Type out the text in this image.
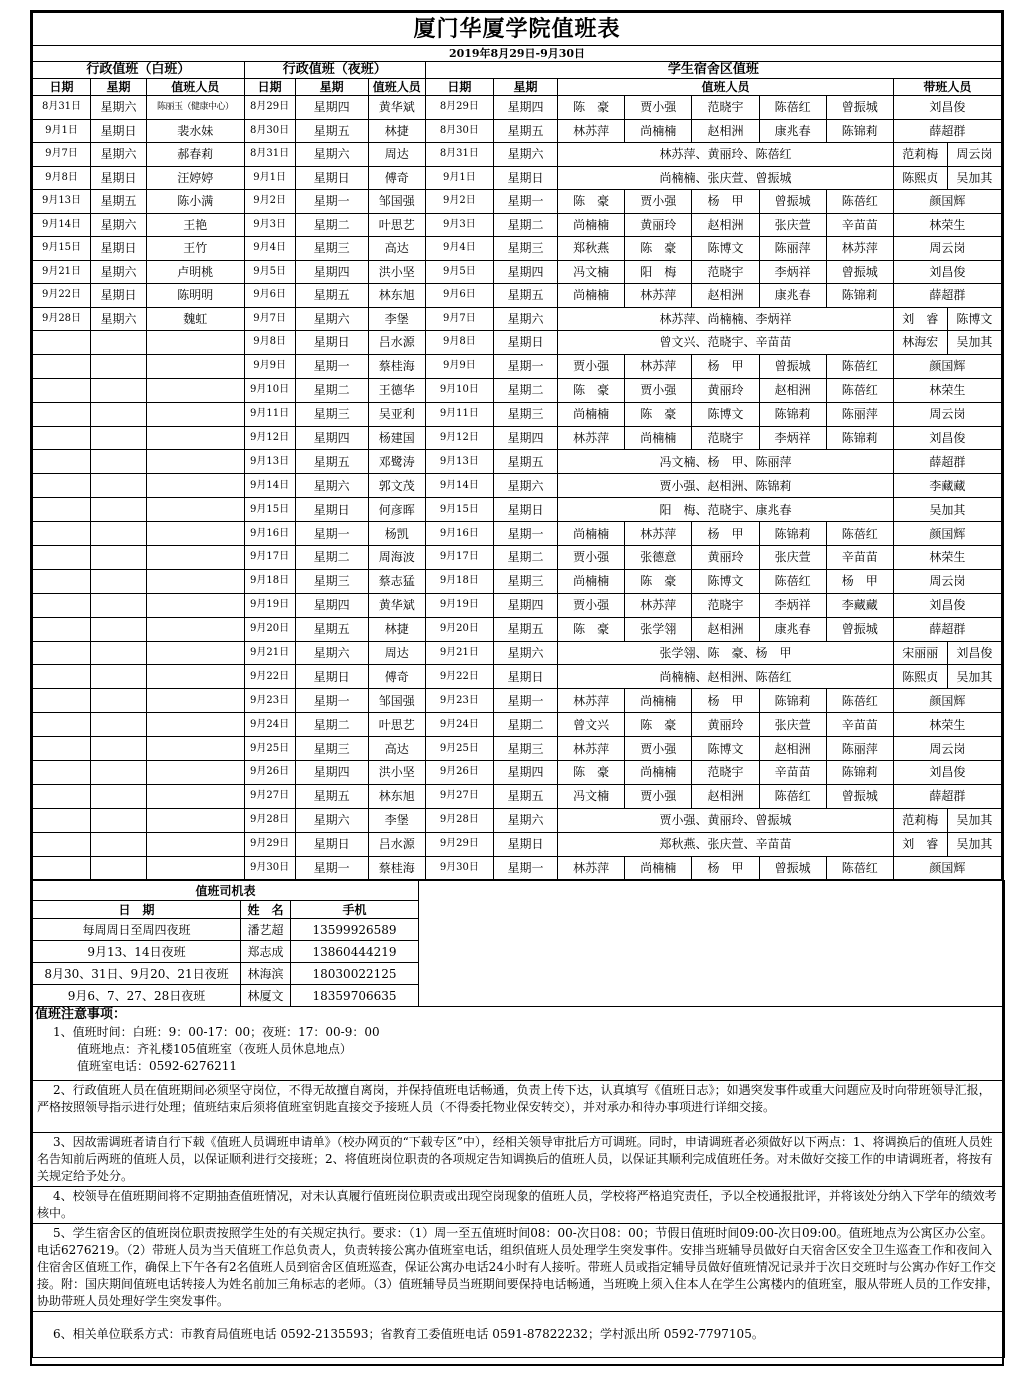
厦门华厦学院值班表														
2019年8月29日-9月30日														
行政值班（白班）			行政值班（夜班）			学生宿舍区值班								
日期	星期	值班人员	日期	星期	值班人员	日期	星期	值班人员					带班人员	
8月31日	星期六	陈丽玉（健康中心）	8月29日	星期四	黄华斌	8月29日	星期四	陈　豪	贾小强	范晓宇	陈蓓红	曾振城	刘昌俊	
9月1日	星期日	裴水妹	8月30日	星期五	林捷	8月30日	星期五	林苏萍	尚楠楠	赵相洲	康兆春	陈锦莉	薛超群	
9月7日	星期六	郝春莉	8月31日	星期六	周达	8月31日	星期六	林苏萍、黄丽玲、陈蓓红					范莉梅	周云岗
9月8日	星期日	汪婷婷	9月1日	星期日	傅奇	9月1日	星期日	尚楠楠、张庆萱、曾振城					陈熙贞	吴加其
9月13日	星期五	陈小满	9月2日	星期一	邹国强	9月2日	星期一	陈　豪	贾小强	杨　甲	曾振城	陈蓓红	颜国辉	
9月14日	星期六	王艳	9月3日	星期二	叶思艺	9月3日	星期二	尚楠楠	黄丽玲	赵相洲	张庆萱	辛苗苗	林荣生	
9月15日	星期日	王竹	9月4日	星期三	高达	9月4日	星期三	郑秋燕	陈　豪	陈博文	陈丽萍	林苏萍	周云岗	
9月21日	星期六	卢明桃	9月5日	星期四	洪小坚	9月5日	星期四	冯文楠	阳　梅	范晓宇	李炳祥	曾振城	刘昌俊	
9月22日	星期日	陈明明	9月6日	星期五	林东旭	9月6日	星期五	尚楠楠	林苏萍	赵相洲	康兆春	陈锦莉	薛超群	
9月28日	星期六	魏虹	9月7日	星期六	李堡	9月7日	星期六	林苏萍、尚楠楠、李炳祥					刘　睿	陈博文
			9月8日	星期日	吕水源	9月8日	星期日	曾文兴、范晓宇、辛苗苗					林海宏	吴加其
			9月9日	星期一	蔡桂海	9月9日	星期一	贾小强	林苏萍	杨　甲	曾振城	陈蓓红	颜国辉	
			9月10日	星期二	王德华	9月10日	星期二	陈　豪	贾小强	黄丽玲	赵相洲	陈蓓红	林荣生	
			9月11日	星期三	吴亚利	9月11日	星期三	尚楠楠	陈　豪	陈博文	陈锦莉	陈丽萍	周云岗	
			9月12日	星期四	杨建国	9月12日	星期四	林苏萍	尚楠楠	范晓宇	李炳祥	陈锦莉	刘昌俊	
			9月13日	星期五	邓鹭涛	9月13日	星期五	冯文楠、杨　甲、陈丽萍					薛超群	
			9月14日	星期六	郭文茂	9月14日	星期六	贾小强、赵相洲、陈锦莉					李藏藏	
			9月15日	星期日	何彦晖	9月15日	星期日	阳　梅、范晓宇、康兆春					吴加其	
			9月16日	星期一	杨凯	9月16日	星期一	尚楠楠	林苏萍	杨　甲	陈锦莉	陈蓓红	颜国辉	
			9月17日	星期二	周海波	9月17日	星期二	贾小强	张德意	黄丽玲	张庆萱	辛苗苗	林荣生	
			9月18日	星期三	蔡志猛	9月18日	星期三	尚楠楠	陈　豪	陈博文	陈蓓红	杨　甲	周云岗	
			9月19日	星期四	黄华斌	9月19日	星期四	贾小强	林苏萍	范晓宇	李炳祥	李藏藏	刘昌俊	
			9月20日	星期五	林捷	9月20日	星期五	陈　豪	张学翎	赵相洲	康兆春	曾振城	薛超群	
			9月21日	星期六	周达	9月21日	星期六	张学翎、陈　豪、杨　甲					宋丽丽	刘昌俊
			9月22日	星期日	傅奇	9月22日	星期日	尚楠楠、赵相洲、陈蓓红					陈熙贞	吴加其
			9月23日	星期一	邹国强	9月23日	星期一	林苏萍	尚楠楠	杨　甲	陈锦莉	陈蓓红	颜国辉	
			9月24日	星期二	叶思艺	9月24日	星期二	曾文兴	陈　豪	黄丽玲	张庆萱	辛苗苗	林荣生	
			9月25日	星期三	高达	9月25日	星期三	林苏萍	贾小强	陈博文	赵相洲	陈丽萍	周云岗	
			9月26日	星期四	洪小坚	9月26日	星期四	陈　豪	尚楠楠	范晓宇	辛苗苗	陈锦莉	刘昌俊	
			9月27日	星期五	林东旭	9月27日	星期五	冯文楠	贾小强	赵相洲	陈蓓红	曾振城	薛超群	
			9月28日	星期六	李堡	9月28日	星期六	贾小强、黄丽玲、曾振城					范莉梅	吴加其
			9月29日	星期日	吕水源	9月29日	星期日	郑秋燕、张庆萱、辛苗苗					刘　睿	吴加其
			9月30日	星期一	蔡桂海	9月30日	星期一	林苏萍	尚楠楠	杨　甲	曾振城	陈蓓红	颜国辉	
值班司机表			
日　期	姓　名	手机	
每周周日至周四夜班	潘艺超	13599926589	
9月13、14日夜班	郑志成	13860444219	
8月30、31日、9月20、21日夜班	林海滨	18030022125	
9月6、7、27、28日夜班	林厦文	18359706635	
值班注意事项：			

1、值班时间：白班：9：00-17：00；夜班：17：00-9：00
值班地点：齐礼楼105值班室（夜班人员休息地点）
值班室电话：0592-6276211			

2、行政值班人员在值班期间必须坚守岗位，不得无故擅自离岗，并保持值班电话畅通，负责上传下达，认真填写《值班日志》；如遇突发事件或重大问题应及时向带班领导汇报，严格按照领导指示进行处理；值班结束后须将值班室钥匙直接交予接班人员（不得委托物业保安转交），并对承办和待办事项进行详细交接。			
3、因故需调班者请自行下载《值班人员调班申请单》（校办网页的“下载专区”中），经相关领导审批后方可调班。同时，申请调班者必须做好以下两点：1、将调换后的值班人员姓名告知前后两班的值班人员，以保证顺利进行交接班；2、将值班岗位职责的各项规定告知调换后的值班人员，以保证其顺利完成值班任务。对未做好交接工作的申请调班者，将按有关规定给予处分。			
4、校领导在值班期间将不定期抽查值班情况，对未认真履行值班岗位职责或出现空岗现象的值班人员，学校将严格追究责任，予以全校通报批评，并将该处分纳入下学年的绩效考核中。			
5、学生宿舍区的值班岗位职责按照学生处的有关规定执行。要求：（1）周一至五值班时间08：00-次日08：00；节假日值班时间09:00-次日09:00。值班地点为公寓区办公室。电话6276219。（2）带班人员为当天值班工作总负责人，负责转接公寓办值班室电话，组织值班人员处理学生突发事件。安排当班辅导员做好白天宿舍区安全卫生巡查工作和夜间入住宿舍区值班工作，确保上下午各有2名值班人员到宿舍区值班巡查，保证公寓办电话24小时有人接听。带班人员或指定辅导员做好值班情况记录并于次日交班时与公寓办作好工作交接。附：国庆期间值班电话转接人为姓名前加三角标志的老师。（3）值班辅导员当班期间要保持电话畅通，当班晚上须入住本人在学生公寓楼内的值班室，服从带班人员的工作安排，协助带班人员处理好学生突发事件。			
6、相关单位联系方式：市教育局值班电话 0592-2135593；省教育工委值班电话 0591-87822232；学村派出所 0592-7797105。			
